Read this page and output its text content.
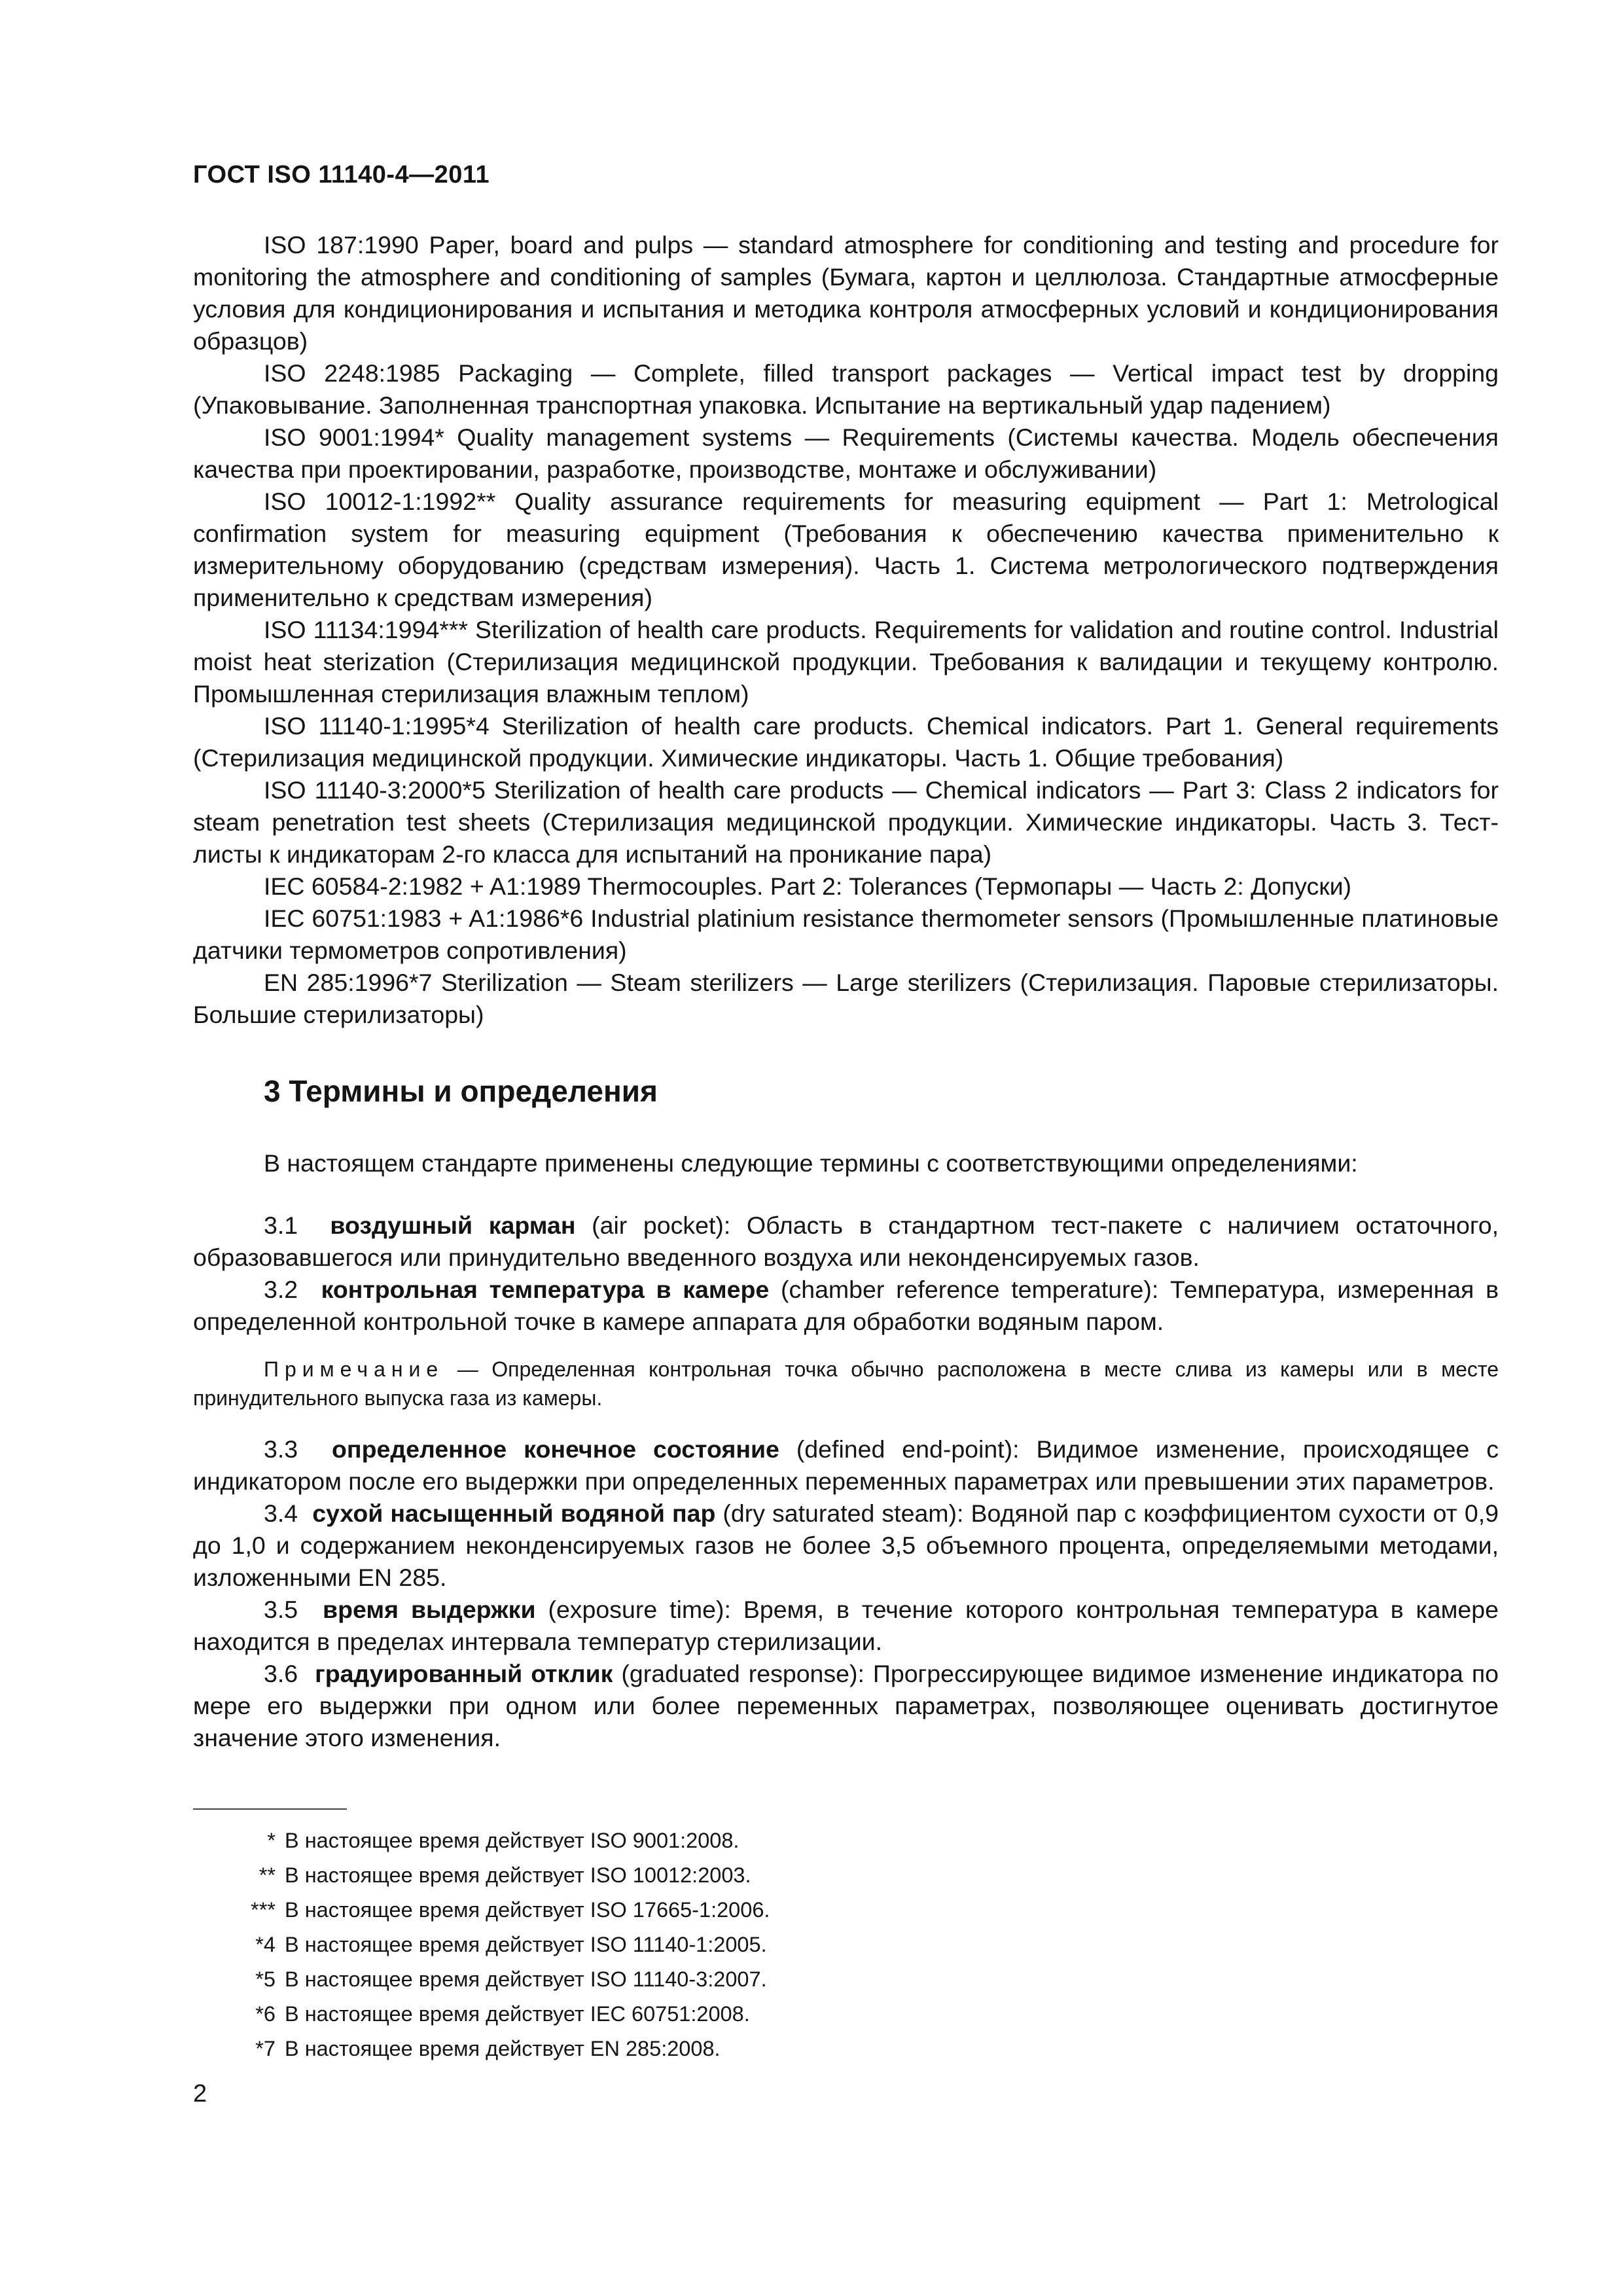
ГОСТ ISO 11140-4—2011

ISO 187:1990 Paper, board and pulps — standard atmosphere for conditioning and testing and procedure for monitoring the atmosphere and conditioning of samples (Бумага, картон и целлюлоза. Стандартные атмосферные условия для кондиционирования и испытания и методика контроля атмосферных условий и кондиционирования образцов)

ISO 2248:1985 Packaging — Complete, filled transport packages — Vertical impact test by dropping (Упаковывание. Заполненная транспортная упаковка. Испытание на вертикальный удар падением)

ISO 9001:1994* Quality management systems — Requirements (Системы качества. Модель обеспечения качества при проектировании, разработке, производстве, монтаже и обслуживании)

ISO 10012-1:1992** Quality assurance requirements for measuring equipment — Part 1: Metrological confirmation system for measuring equipment (Требования к обеспечению качества применительно к измерительному оборудованию (средствам измерения). Часть 1. Система метрологического подтверждения применительно к средствам измерения)

ISO 11134:1994*** Sterilization of health care products. Requirements for validation and routine control. Industrial moist heat sterization (Стерилизация медицинской продукции. Требования к валидации и текущему контролю. Промышленная стерилизация влажным теплом)

ISO 11140-1:1995*4 Sterilization of health care products. Chemical indicators. Part 1. General requirements (Стерилизация медицинской продукции. Химические индикаторы. Часть 1. Общие требования)

ISO 11140-3:2000*5 Sterilization of health care products — Chemical indicators — Part 3: Class 2 indicators for steam penetration test sheets (Стерилизация медицинской продукции. Химические индикаторы. Часть 3. Тест-листы к индикаторам 2-го класса для испытаний на проникание пара)

IEC 60584-2:1982 + A1:1989 Thermocouples. Part 2: Tolerances (Термопары — Часть 2: Допуски)

IEC 60751:1983 + A1:1986*6 Industrial platinium resistance thermometer sensors (Промышленные платиновые датчики термометров сопротивления)

EN 285:1996*7 Sterilization — Steam sterilizers — Large sterilizers (Стерилизация. Паровые стерилизаторы. Большие стерилизаторы)

3 Термины и определения

В настоящем стандарте применены следующие термины с соответствующими определениями:

3.1 воздушный карман (air pocket): Область в стандартном тест-пакете с наличием остаточного, образовавшегося или принудительно введенного воздуха или неконденсируемых газов.

3.2 контрольная температура в камере (chamber reference temperature): Температура, измеренная в определенной контрольной точке в камере аппарата для обработки водяным паром.

Примечание — Определенная контрольная точка обычно расположена в месте слива из камеры или в месте принудительного выпуска газа из камеры.

3.3 определенное конечное состояние (defined end-point): Видимое изменение, происходящее с индикатором после его выдержки при определенных переменных параметрах или превышении этих параметров.

3.4 сухой насыщенный водяной пар (dry saturated steam): Водяной пар с коэффициентом сухости от 0,9 до 1,0 и содержанием неконденсируемых газов не более 3,5 объемного процента, определяемыми методами, изложенными EN 285.

3.5 время выдержки (exposure time): Время, в течение которого контрольная температура в камере находится в пределах интервала температур стерилизации.

3.6 градуированный отклик (graduated response): Прогрессирующее видимое изменение индикатора по мере его выдержки при одном или более переменных параметрах, позволяющее оценивать достигнутое значение этого изменения.

* В настоящее время действует ISO 9001:2008.
** В настоящее время действует ISO 10012:2003.
*** В настоящее время действует ISO 17665-1:2006.
*4 В настоящее время действует ISO 11140-1:2005.
*5 В настоящее время действует ISO 11140-3:2007.
*6 В настоящее время действует IEC 60751:2008.
*7 В настоящее время действует EN 285:2008.
2
